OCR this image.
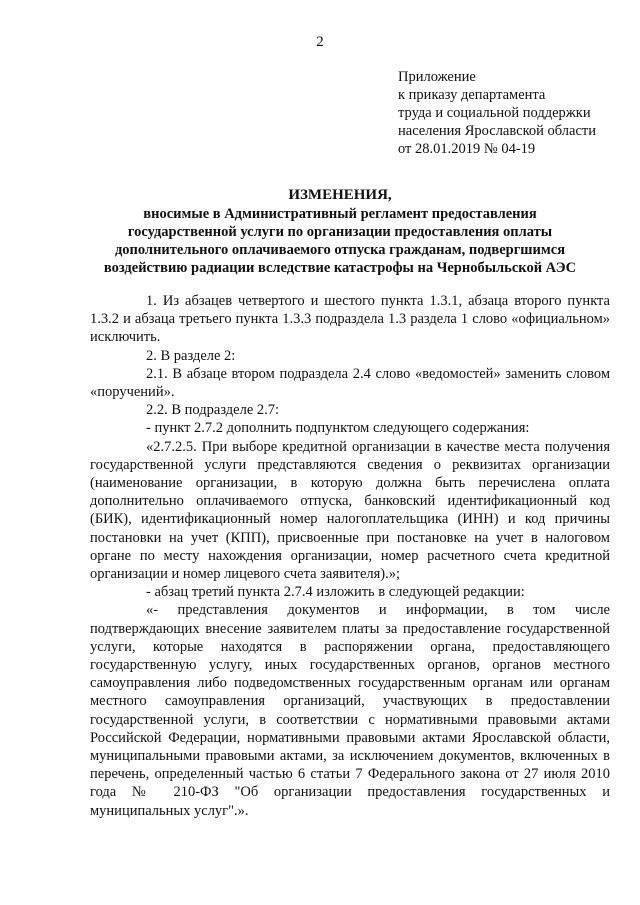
2
Приложение
к приказу департамента
труда и социальной поддержки
населения Ярославской области
от 28.01.2019 № 04-19
ИЗМЕНЕНИЯ,
вносимые в Административный регламент предоставления
государственной услуги по организации предоставления оплаты
дополнительного оплачиваемого отпуска гражданам, подвергшимся
воздействию радиации вследствие катастрофы на Чернобыльской АЭС

1. Из абзацев четвертого и шестого пункта 1.3.1, абзаца второго пункта 1.3.2 и абзаца третьего пункта 1.3.3 подраздела 1.3 раздела 1 слово «официальном» исключить.

2. В разделе 2:

2.1. В абзаце втором подраздела 2.4 слово «ведомостей» заменить словом «поручений».

2.2. В подразделе 2.7:

- пункт 2.7.2 дополнить подпунктом следующего содержания:

«2.7.2.5. При выборе кредитной организации в качестве места получения государственной услуги представляются сведения о реквизитах организации (наименование организации, в которую должна быть перечислена оплата дополнительно оплачиваемого отпуска, банковский идентификационный код (БИК), идентификационный номер налогоплательщика (ИНН) и код причины постановки на учет (КПП), присвоенные при постановке на учет в налоговом органе по месту нахождения организации, номер расчетного счета кредитной организации и номер лицевого счета заявителя).»;

- абзац третий пункта 2.7.4 изложить в следующей редакции:

«- представления документов и информации, в том числе подтверждающих внесение заявителем платы за предоставление государственной услуги, которые находятся в распоряжении органа, предоставляющего государственную услугу, иных государственных органов, органов местного самоуправления либо подведомственных государственным органам или органам местного самоуправления организаций, участвующих в предоставлении государственной услуги, в соответствии с нормативными правовыми актами Российской Федерации, нормативными правовыми актами Ярославской области, муниципальными правовыми актами, за исключением документов, включенных в перечень, определенный частью 6 статьи 7 Федерального закона от 27 июля 2010 года № 210-ФЗ "Об организации предоставления государственных и муниципальных услуг".».
